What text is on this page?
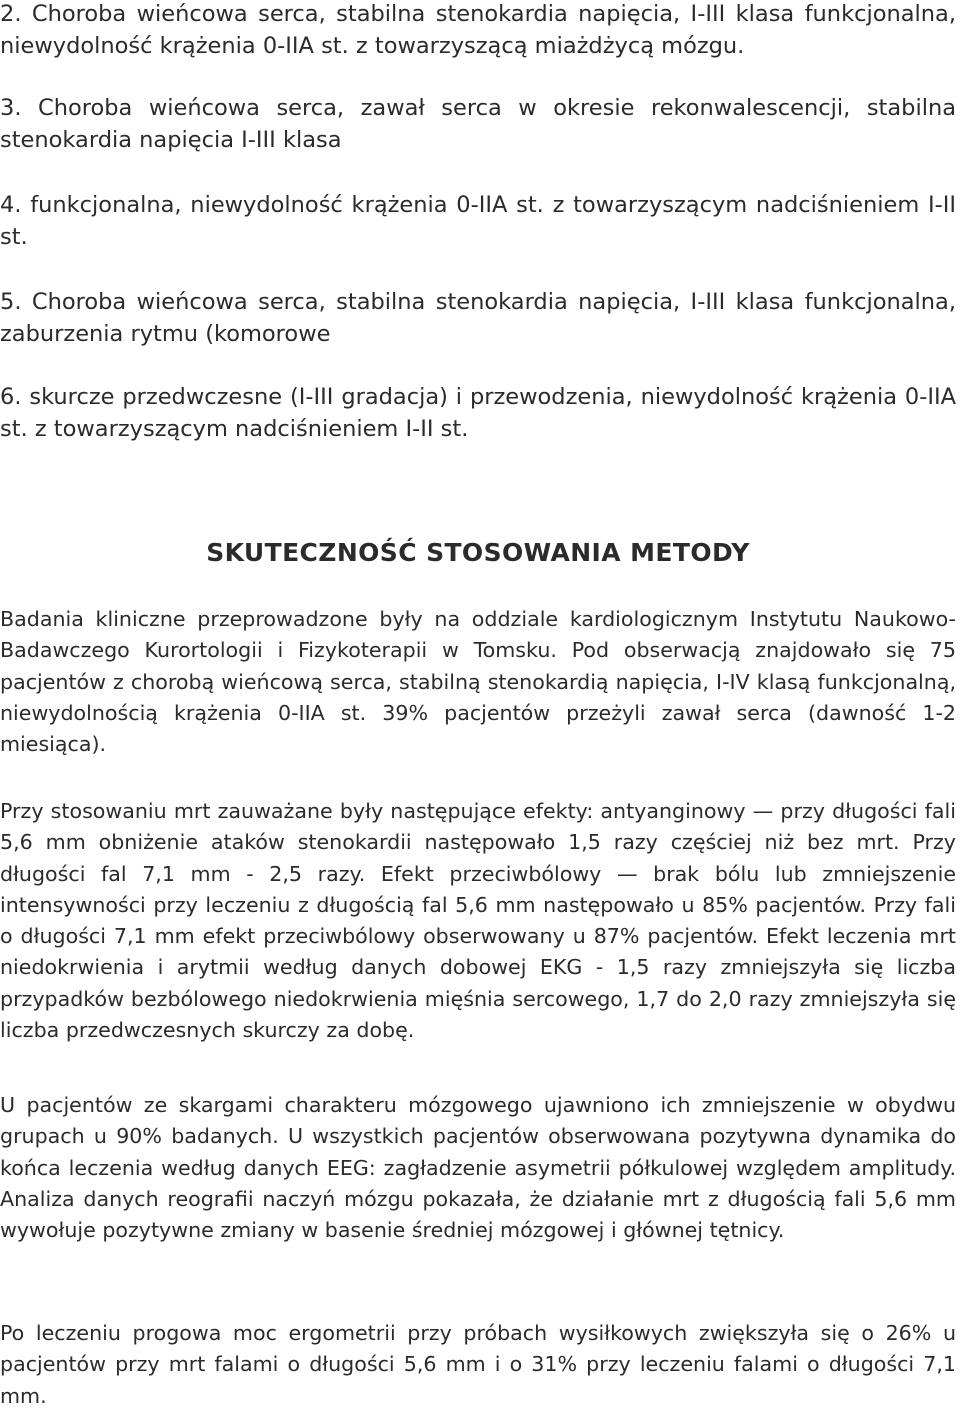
2. Choroba wieńcowa serca, stabilna stenokardia napięcia, I-III klasa funkcjonalna, niewydolność krążenia 0-IIA st. z towarzyszącą miażdżycą mózgu.

3. Choroba wieńcowa serca, zawał serca w okresie rekonwalescencji, stabilna stenokardia napięcia I-III klasa

4. funkcjonalna, niewydolność krążenia 0-IIA st. z towarzyszącym nadciśnieniem I-II st.

5. Choroba wieńcowa serca, stabilna stenokardia napięcia, I-III klasa funkcjonalna, zaburzenia rytmu (komorowe

6. skurcze przedwczesne (I-III gradacja) i przewodzenia, niewydolność krążenia 0-IIA st. z towarzyszącym nadciśnieniem I-II st.

SKUTECZNOŚĆ STOSOWANIA METODY

Badania kliniczne przeprowadzone były na oddziale kardiologicznym Instytutu Naukowo-Badawczego Kurortologii i Fizykoterapii w Tomsku. Pod obserwacją znajdowało się 75 pacjentów z chorobą wieńcową serca, stabilną stenokardią napięcia, I-IV klasą funkcjonalną, niewydolnością krążenia 0-IIA st. 39% pacjentów przeżyli zawał serca (dawność 1-2 miesiąca).

Przy stosowaniu mrt zauważane były następujące efekty: antyanginowy — przy długości fali 5,6 mm obniżenie ataków stenokardii następowało 1,5 razy częściej niż bez mrt. Przy długości fal 7,1 mm - 2,5 razy. Efekt przeciwbólowy — brak bólu lub zmniejszenie intensywności przy leczeniu z długością fal 5,6 mm następowało u 85% pacjentów. Przy fali o długości 7,1 mm efekt przeciwbólowy obserwowany u 87% pacjentów. Efekt leczenia mrt niedokrwienia i arytmii według danych dobowej EKG - 1,5 razy zmniejszyła się liczba przypadków bezbólowego niedokrwienia mięśnia sercowego, 1,7 do 2,0 razy zmniejszyła się liczba przedwczesnych skurczy za dobę.

U pacjentów ze skargami charakteru mózgowego ujawniono ich zmniejszenie w obydwu grupach u 90% badanych. U wszystkich pacjentów obserwowana pozytywna dynamika do końca leczenia według danych EEG: zagładzenie asymetrii półkulowej względem amplitudy. Analiza danych reografii naczyń mózgu pokazała, że działanie mrt z długością fali 5,6 mm wywołuje pozytywne zmiany w basenie średniej mózgowej i głównej tętnicy.

Po leczeniu progowa moc ergometrii przy próbach wysiłkowych zwiększyła się o 26% u pacjentów przy mrt falami o długości 5,6 mm i o 31% przy leczeniu falami o długości 7,1 mm.
